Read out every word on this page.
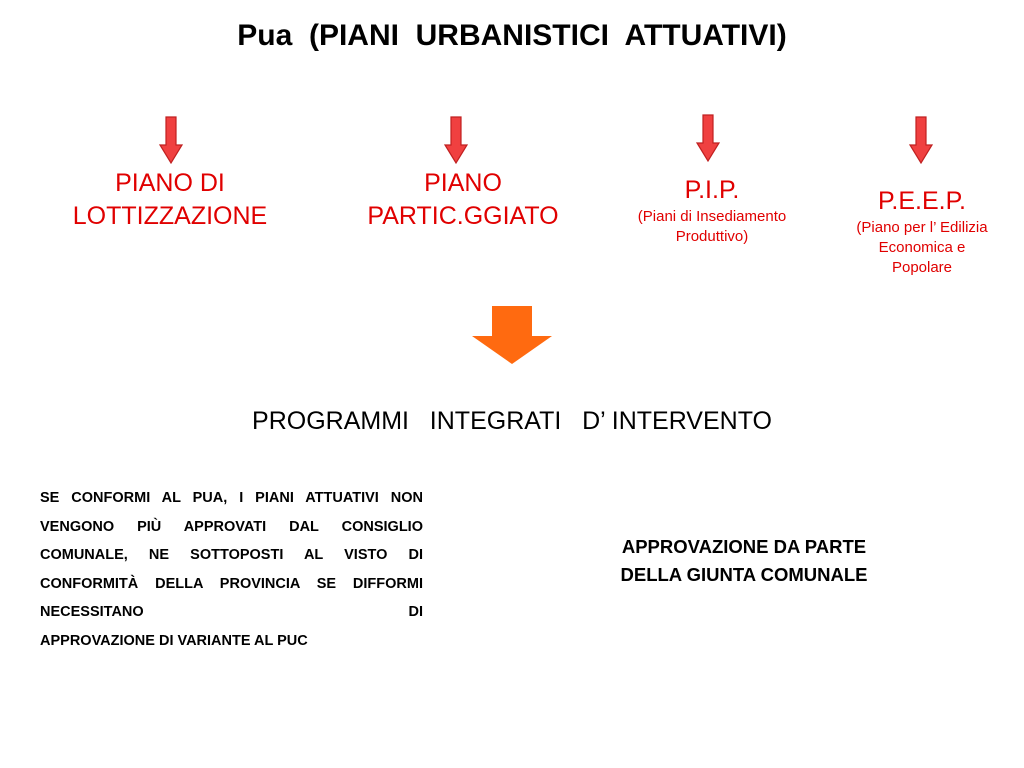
Pua  (PIANI  URBANISTICI  ATTUATIVI)
PIANO DI
LOTTIZZAZIONE
PIANO
PARTIC.GGIATO
P.I.P.
(Piani di Insediamento
Produttivo)
P.E.E.P.
(Piano per l’ Edilizia
Economica e
Popolare
PROGRAMMI   INTEGRATI   D’ INTERVENTO
SE CONFORMI AL PUA, I PIANI ATTUATIVI NON VENGONO PIÙ APPROVATI DAL CONSIGLIO COMUNALE, NE SOTTOPOSTI AL VISTO DI CONFORMITÀ DELLA PROVINCIA SE DIFFORMI NECESSITANO DI
APPROVAZIONE DI VARIANTE AL PUC
APPROVAZIONE DA PARTE
DELLA GIUNTA COMUNALE
